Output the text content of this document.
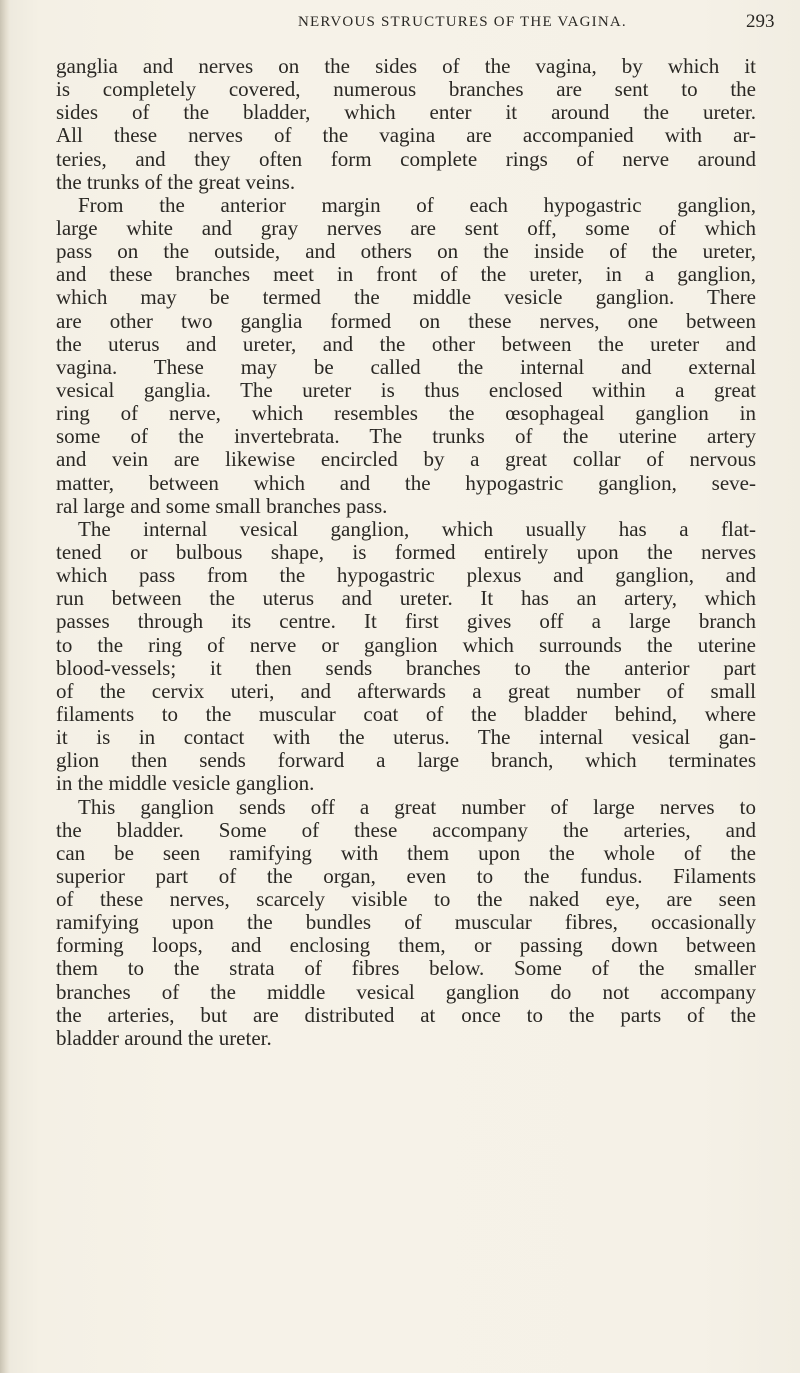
NERVOUS STRUCTURES OF THE VAGINA.	293
ganglia and nerves on the sides of the vagina, by which it
is completely covered, numerous branches are sent to the
sides of the bladder, which enter it around the ureter.
All these nerves of the vagina are accompanied with ar-
teries, and they often form complete rings of nerve around
the trunks of the great veins.
From the anterior margin of each hypogastric ganglion,
large white and gray nerves are sent off, some of which
pass on the outside, and others on the inside of the ureter,
and these branches meet in front of the ureter, in a ganglion,
which may be termed the middle vesicle ganglion. There
are other two ganglia formed on these nerves, one between
the uterus and ureter, and the other between the ureter and
vagina. These may be called the internal and external
vesical ganglia. The ureter is thus enclosed within a great
ring of nerve, which resembles the œsophageal ganglion in
some of the invertebrata. The trunks of the uterine artery
and vein are likewise encircled by a great collar of nervous
matter, between which and the hypogastric ganglion, seve-
ral large and some small branches pass.
The internal vesical ganglion, which usually has a flat-
tened or bulbous shape, is formed entirely upon the nerves
which pass from the hypogastric plexus and ganglion, and
run between the uterus and ureter. It has an artery, which
passes through its centre. It first gives off a large branch
to the ring of nerve or ganglion which surrounds the uterine
blood-vessels; it then sends branches to the anterior part
of the cervix uteri, and afterwards a great number of small
filaments to the muscular coat of the bladder behind, where
it is in contact with the uterus. The internal vesical gan-
glion then sends forward a large branch, which terminates
in the middle vesicle ganglion.
This ganglion sends off a great number of large nerves to
the bladder. Some of these accompany the arteries, and
can be seen ramifying with them upon the whole of the
superior part of the organ, even to the fundus. Filaments
of these nerves, scarcely visible to the naked eye, are seen
ramifying upon the bundles of muscular fibres, occasionally
forming loops, and enclosing them, or passing down between
them to the strata of fibres below. Some of the smaller
branches of the middle vesical ganglion do not accompany
the arteries, but are distributed at once to the parts of the
bladder around the ureter.
